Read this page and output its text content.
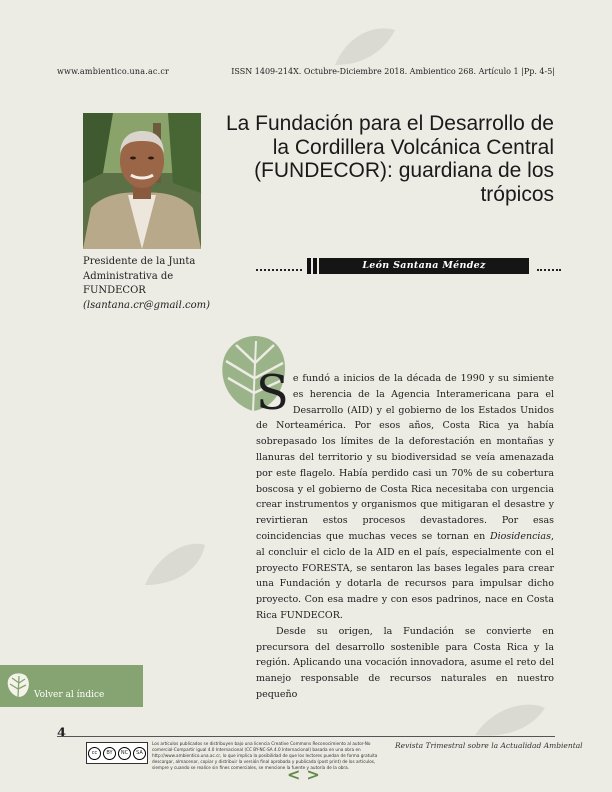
www.ambientico.una.ac.cr	ISSN 1409-214X. Octubre-Diciembre 2018. Ambientico 268. Artículo 1 |Pp. 4-5|
Presidente de la Junta Administrativa de FUNDECOR (lsantana.cr@gmail.com)
La Fundación para el Desarrollo de la Cordillera Volcánica Central (FUNDECOR): guardiana de los trópicos
León Santana Méndez

Se fundó a inicios de la década de 1990 y su simiente es herencia de la Agencia Interamericana para el Desarrollo (AID) y el gobierno de los Estados Unidos de Norteamérica. Por esos años, Costa Rica ya había sobrepasado los límites de la deforestación en montañas y llanuras del territorio y su biodiversidad se veía amenazada por este flagelo. Había perdido casi un 70% de su cobertura boscosa y el gobierno de Costa Rica necesitaba con urgencia crear instrumentos y organismos que mitigaran el desastre y revirtieran estos procesos devastadores. Por esas coincidencias que muchas veces se tornan en Diosidencias, al concluir el ciclo de la AID en el país, especialmente con el proyecto FORESTA, se sentaron las bases legales para crear una Fundación y dotarla de recursos para impulsar dicho proyecto. Con esa madre y con esos padrinos, nace en Costa Rica FUNDECOR.

Desde su origen, la Fundación se convierte en precursora del desarrollo sostenible para Costa Rica y la región. Aplicando una vocación innovadora, asume el reto del manejo responsable de recursos naturales en nuestro pequeño

Volver al índice
4
cc	BY	NC	SA
Los artículos publicados se distribuyen bajo una licencia Creative Commons Reconocimiento al autor-No comercial-Compartir igual 4.0 Internacional (CC BY-NC-SA 4.0 Internacional) basada en una obra en http://www.ambientico.una.ac.cr, lo que implica la posibilidad de que los lectores puedan de forma gratuita descargar, almacenar, copiar y distribuir la versión final aprobada y publicada (post print) de los artículos, siempre y cuando se realice sin fines comerciales, se mencione la fuente y autoría de la obra.
Revista Trimestral sobre la Actualidad Ambiental
< >
